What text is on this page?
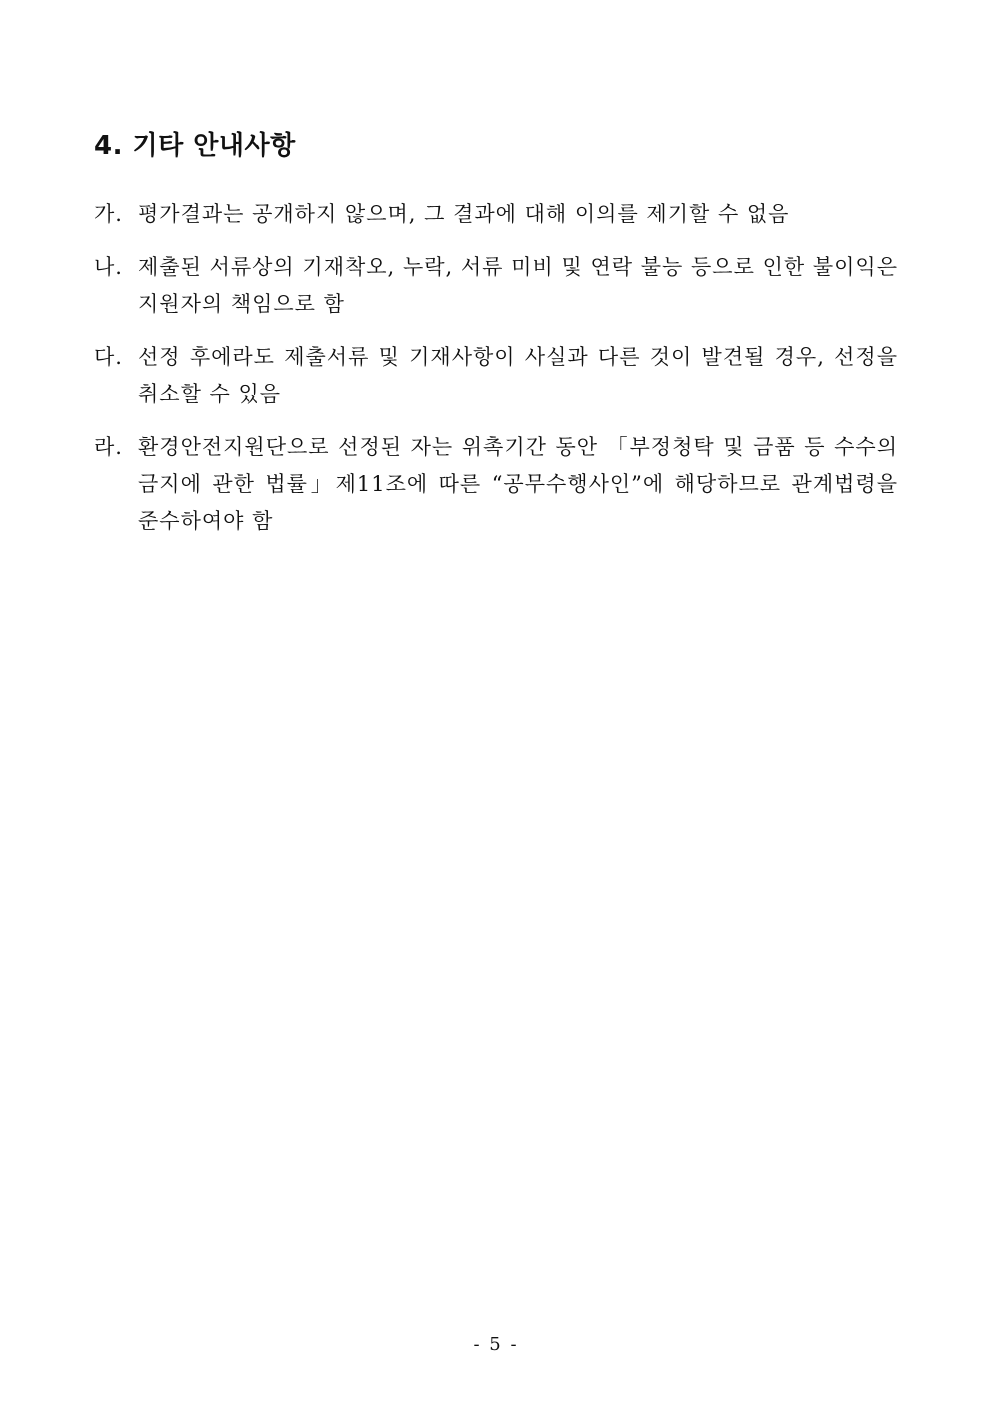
4. 기타 안내사항
가. 평가결과는 공개하지 않으며, 그 결과에 대해 이의를 제기할 수 없음
나. 제출된 서류상의 기재착오, 누락, 서류 미비 및 연락 불능 등으로 인한 불이익은 지원자의 책임으로 함
다. 선정 후에라도 제출서류 및 기재사항이 사실과 다른 것이 발견될 경우, 선정을 취소할 수 있음
라. 환경안전지원단으로 선정된 자는 위촉기간 동안 「부정청탁 및 금품 등 수수의 금지에 관한 법률」제11조에 따른 “공무수행사인”에 해당하므로 관계법령을 준수하여야 함
- 5 -
